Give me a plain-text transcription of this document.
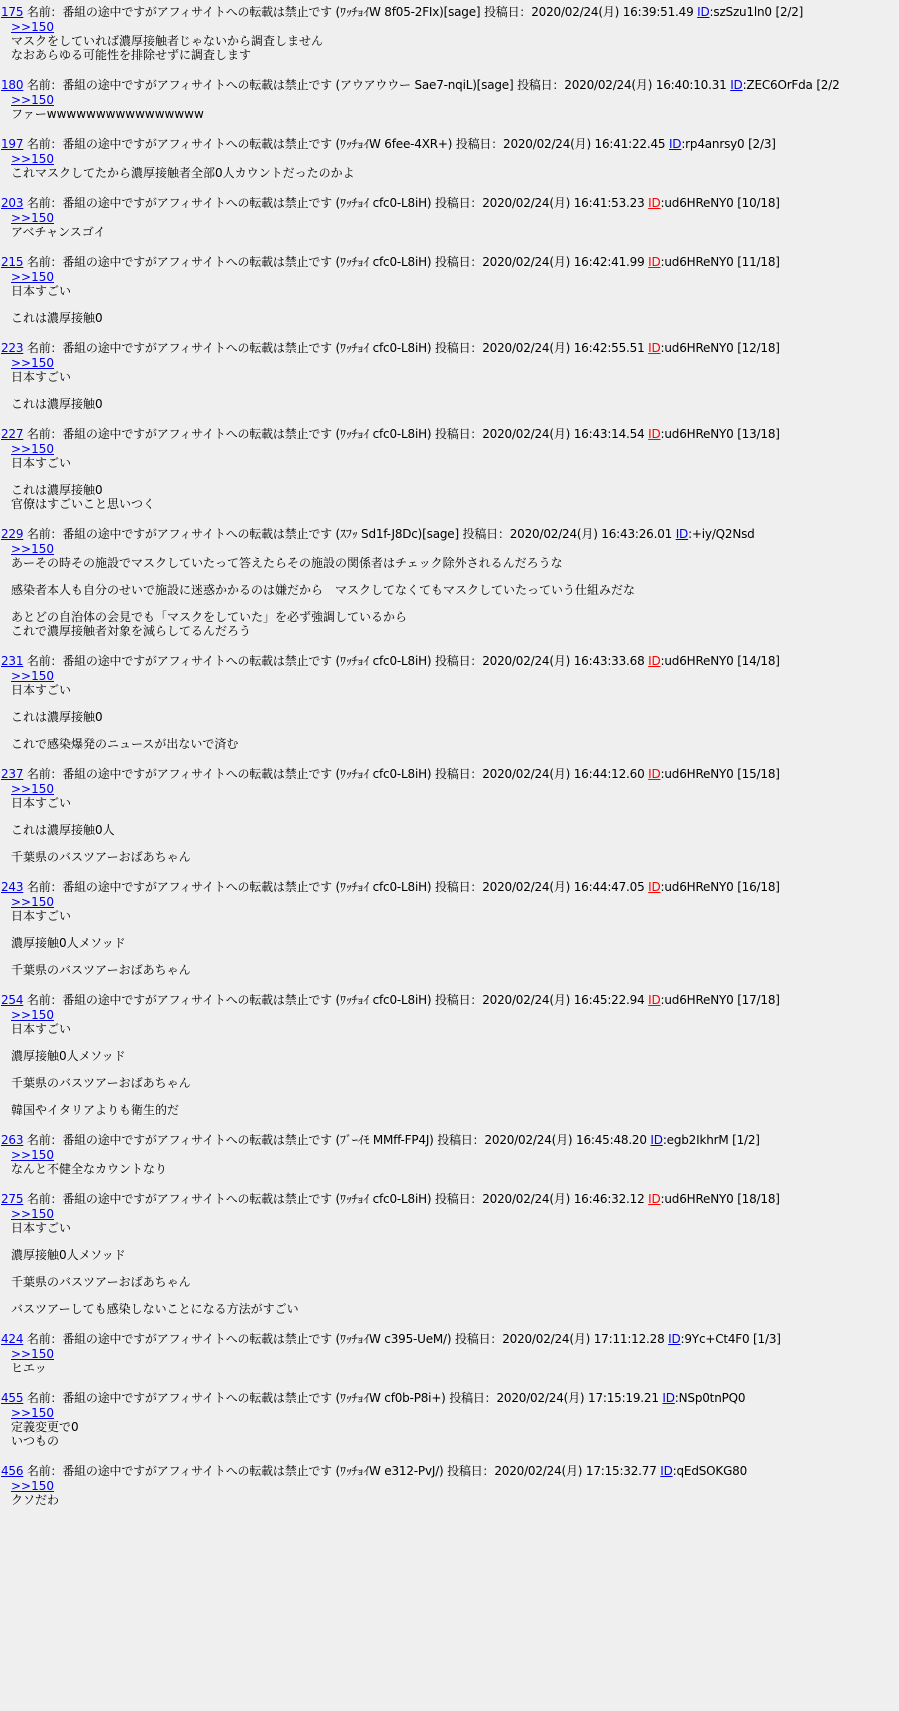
175 名前：番組の途中ですがアフィサイトへの転載は禁止です (ﾜｯﾁｮｲW 8f05-2FIx)[sage] 投稿日：2020/02/24(月) 16:39:51.49 ID:szSzu1ln0 [2/2]
>>150
マスクをしていれば濃厚接触者じゃないから調査しません
なおあらゆる可能性を排除せずに調査します
180 名前：番組の途中ですがアフィサイトへの転載は禁止です (アウアウウー Sae7-nqiL)[sage] 投稿日：2020/02/24(月) 16:40:10.31 ID:ZEC6OrFda [2/2
>>150
ファーwwwwwwwwwwwwwwww
197 名前：番組の途中ですがアフィサイトへの転載は禁止です (ﾜｯﾁｮｲW 6fee-4XR+) 投稿日：2020/02/24(月) 16:41:22.45 ID:rp4anrsy0 [2/3]
>>150
これマスクしてたから濃厚接触者全部0人カウントだったのかよ
203 名前：番組の途中ですがアフィサイトへの転載は禁止です (ﾜｯﾁｮｲ cfc0-L8iH) 投稿日：2020/02/24(月) 16:41:53.23 ID:ud6HReNY0 [10/18]
>>150
アベチャンスゴイ
215 名前：番組の途中ですがアフィサイトへの転載は禁止です (ﾜｯﾁｮｲ cfc0-L8iH) 投稿日：2020/02/24(月) 16:42:41.99 ID:ud6HReNY0 [11/18]
>>150
日本すごい
これは濃厚接触0
223 名前：番組の途中ですがアフィサイトへの転載は禁止です (ﾜｯﾁｮｲ cfc0-L8iH) 投稿日：2020/02/24(月) 16:42:55.51 ID:ud6HReNY0 [12/18]
>>150
日本すごい
これは濃厚接触0
227 名前：番組の途中ですがアフィサイトへの転載は禁止です (ﾜｯﾁｮｲ cfc0-L8iH) 投稿日：2020/02/24(月) 16:43:14.54 ID:ud6HReNY0 [13/18]
>>150
日本すごい
これは濃厚接触0
官僚はすごいこと思いつく
229 名前：番組の途中ですがアフィサイトへの転載は禁止です (ｽﾌｯ Sd1f-J8Dc)[sage] 投稿日：2020/02/24(月) 16:43:26.01 ID:+iy/Q2Nsd
>>150
あーその時その施設でマスクしていたって答えたらその施設の関係者はチェック除外されるんだろうな
感染者本人も自分のせいで施設に迷惑かかるのは嫌だから　マスクしてなくてもマスクしていたっていう仕組みだな
あとどの自治体の会見でも「マスクをしていた」を必ず強調しているから
これで濃厚接触者対象を減らしてるんだろう
231 名前：番組の途中ですがアフィサイトへの転載は禁止です (ﾜｯﾁｮｲ cfc0-L8iH) 投稿日：2020/02/24(月) 16:43:33.68 ID:ud6HReNY0 [14/18]
>>150
日本すごい
これは濃厚接触0
これで感染爆発のニュースが出ないで済む
237 名前：番組の途中ですがアフィサイトへの転載は禁止です (ﾜｯﾁｮｲ cfc0-L8iH) 投稿日：2020/02/24(月) 16:44:12.60 ID:ud6HReNY0 [15/18]
>>150
日本すごい
これは濃厚接触0人
千葉県のバスツアーおばあちゃん
243 名前：番組の途中ですがアフィサイトへの転載は禁止です (ﾜｯﾁｮｲ cfc0-L8iH) 投稿日：2020/02/24(月) 16:44:47.05 ID:ud6HReNY0 [16/18]
>>150
日本すごい
濃厚接触0人メソッド
千葉県のバスツアーおばあちゃん
254 名前：番組の途中ですがアフィサイトへの転載は禁止です (ﾜｯﾁｮｲ cfc0-L8iH) 投稿日：2020/02/24(月) 16:45:22.94 ID:ud6HReNY0 [17/18]
>>150
日本すごい
濃厚接触0人メソッド
千葉県のバスツアーおばあちゃん
韓国やイタリアよりも衛生的だ
263 名前：番組の途中ですがアフィサイトへの転載は禁止です (ﾌﾞｰｲﾓ MMff-FP4J) 投稿日：2020/02/24(月) 16:45:48.20 ID:egb2IkhrM [1/2]
>>150
なんと不健全なカウントなり
275 名前：番組の途中ですがアフィサイトへの転載は禁止です (ﾜｯﾁｮｲ cfc0-L8iH) 投稿日：2020/02/24(月) 16:46:32.12 ID:ud6HReNY0 [18/18]
>>150
日本すごい
濃厚接触0人メソッド
千葉県のバスツアーおばあちゃん
バスツアーしても感染しないことになる方法がすごい
424 名前：番組の途中ですがアフィサイトへの転載は禁止です (ﾜｯﾁｮｲW c395-UeM/) 投稿日：2020/02/24(月) 17:11:12.28 ID:9Yc+Ct4F0 [1/3]
>>150
ヒエッ
455 名前：番組の途中ですがアフィサイトへの転載は禁止です (ﾜｯﾁｮｲW cf0b-P8i+) 投稿日：2020/02/24(月) 17:15:19.21 ID:NSp0tnPQ0
>>150
定義変更で0
いつもの
456 名前：番組の途中ですがアフィサイトへの転載は禁止です (ﾜｯﾁｮｲW e312-PvJ/) 投稿日：2020/02/24(月) 17:15:32.77 ID:qEdSOKG80
>>150
クソだわ
